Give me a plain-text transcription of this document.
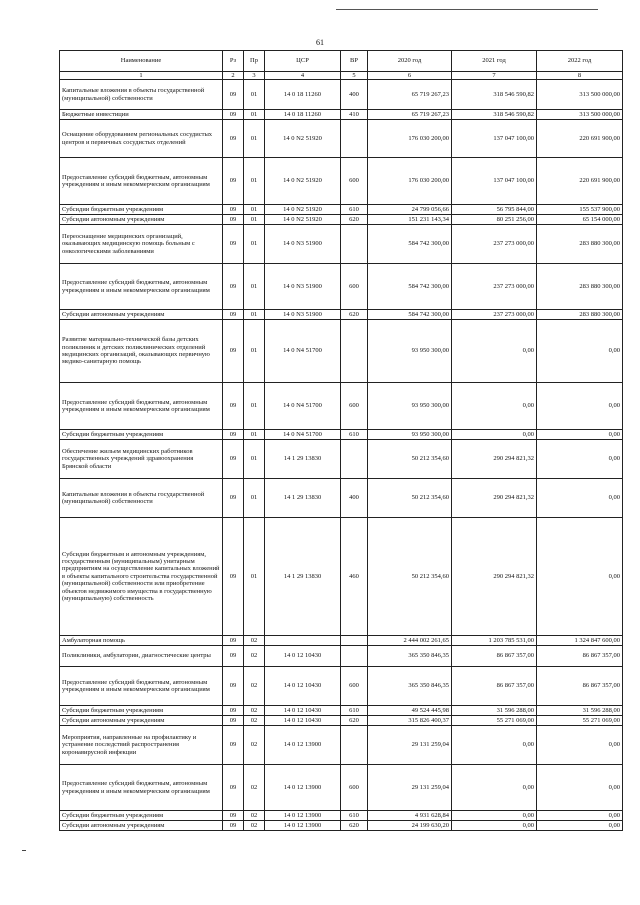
61
Наименование	Рз	Пр	ЦСР	ВР	2020 год	2021 год	2022 год
1	2	3	4	5	6	7	8
Капитальные вложения в объекты государственной (муниципальной) собственности	09	01	14 0 18 11260	400	65 719 267,23	318 546 590,82	313 500 000,00
Бюджетные инвестиции	09	01	14 0 18 11260	410	65 719 267,23	318 546 590,82	313 500 000,00
Оснащение оборудованием региональных сосудистых центров и первичных сосудистых отделений	09	01	14 0 N2 51920		176 030 200,00	137 047 100,00	220 691 900,00
Предоставление субсидий бюджетным, автономным учреждениям и иным некоммерческим организациям	09	01	14 0 N2 51920	600	176 030 200,00	137 047 100,00	220 691 900,00
Субсидии бюджетным учреждениям	09	01	14 0 N2 51920	610	24 799 056,66	56 795 844,00	155 537 900,00
Субсидии автономным учреждениям	09	01	14 0 N2 51920	620	151 231 143,34	80 251 256,00	65 154 000,00
Переоснащение медицинских организаций, оказывающих медицинскую помощь больным с онкологическими заболеваниями	09	01	14 0 N3 51900		584 742 300,00	237 273 000,00	283 880 300,00
Предоставление субсидий бюджетным, автономным учреждениям и иным некоммерческим организациям	09	01	14 0 N3 51900	600	584 742 300,00	237 273 000,00	283 880 300,00
Субсидии автономным учреждениям	09	01	14 0 N3 51900	620	584 742 300,00	237 273 000,00	283 880 300,00
Развитие материально-технической базы детских поликлиник и детских поликлинических отделений медицинских организаций, оказывающих первичную медико-санитарную помощь	09	01	14 0 N4 51700		93 950 300,00	0,00	0,00
Предоставление субсидий бюджетным, автономным учреждениям и иным некоммерческим организациям	09	01	14 0 N4 51700	600	93 950 300,00	0,00	0,00
Субсидии бюджетным учреждениям	09	01	14 0 N4 51700	610	93 950 300,00	0,00	0,00
Обеспечение жильем медицинских работников государственных учреждений здравоохранения Брянской области	09	01	14 1 29 13830		50 212 354,60	290 294 821,32	0,00
Капитальные вложения в объекты государственной (муниципальной) собственности	09	01	14 1 29 13830	400	50 212 354,60	290 294 821,32	0,00
Субсидии бюджетным и автономным учреждениям, государственным (муниципальным) унитарным предприятиям на осуществление капитальных вложений в объекты капитального строительства государственной (муниципальной) собственности или приобретение объектов недвижимого имущества в государственную (муниципальную) собственность	09	01	14 1 29 13830	460	50 212 354,60	290 294 821,32	0,00
Амбулаторная помощь	09	02			2 444 002 261,65	1 203 785 531,00	1 324 847 600,00
Поликлиники, амбулатории, диагностические центры	09	02	14 0 12 10430		365 350 846,35	86 867 357,00	86 867 357,00
Предоставление субсидий бюджетным, автономным учреждениям и иным некоммерческим организациям	09	02	14 0 12 10430	600	365 350 846,35	86 867 357,00	86 867 357,00
Субсидии бюджетным учреждениям	09	02	14 0 12 10430	610	49 524 445,98	31 596 288,00	31 596 288,00
Субсидии автономным учреждениям	09	02	14 0 12 10430	620	315 826 400,37	55 271 069,00	55 271 069,00
Мероприятия, направленные на профилактику и устранение последствий распространения коронавирусной инфекции	09	02	14 0 12 13900		29 131 259,04	0,00	0,00
Предоставление субсидий бюджетным, автономным учреждениям и иным некоммерческим организациям	09	02	14 0 12 13900	600	29 131 259,04	0,00	0,00
Субсидии бюджетным учреждениям	09	02	14 0 12 13900	610	4 931 628,84	0,00	0,00
Субсидии автономным учреждениям	09	02	14 0 12 13900	620	24 199 630,20	0,00	0,00
